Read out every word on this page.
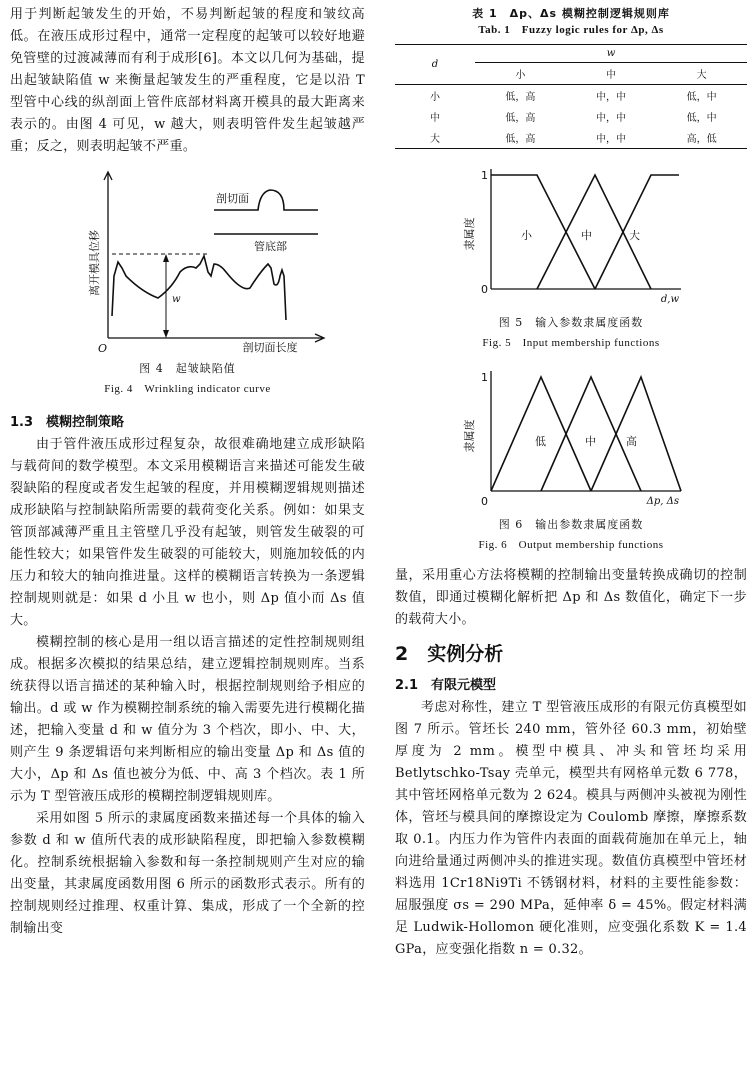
用于判断起皱发生的开始，不易判断起皱的程度和皱纹高低。在液压成形过程中，通常一定程度的起皱可以较好地避免管壁的过渡减薄而有利于成形[6]。本文以几何为基础，提出起皱缺陷值 w 来衡量起皱发生的严重程度，它是以沿 T 型管中心线的纵剖面上管件底部材料离开模具的最大距离来表示的。由图 4 可见，w 越大，则表明管件发生起皱越严重；反之，则表明起皱不严重。

离开模具位移
O	剖切面长度
w
剖切面
管底部
图 4　起皱缺陷值
Fig. 4　Wrinkling indicator curve
1.3　模糊控制策略

由于管件液压成形过程复杂，故很难确地建立成形缺陷与载荷间的数学模型。本文采用模糊语言来描述可能发生破裂缺陷的程度或者发生起皱的程度，并用模糊逻辑规则描述成形缺陷与控制缺陷所需要的载荷变化关系。例如：如果支管顶部减薄严重且主管壁几乎没有起皱，则管发生破裂的可能性较大；如果管件发生破裂的可能较大，则施加较低的内压力和较大的轴向推进量。这样的模糊语言转换为一条逻辑控制规则就是：如果 d 小且 w 也小，则 Δp 值小而 Δs 值大。

模糊控制的核心是用一组以语言描述的定性控制规则组成。根据多次模拟的结果总结，建立逻辑控制规则库。当系统获得以语言描述的某种输入时，根据控制规则给予相应的输出。d 或 w 作为模糊控制系统的输入需要先进行模糊化描述，把输入变量 d 和 w 值分为 3 个档次，即小、中、大，则产生 9 条逻辑语句来判断相应的输出变量 Δp 和 Δs 值的大小，Δp 和 Δs 值也被分为低、中、高 3 个档次。表 1 所示为 T 型管液压成形的模糊控制逻辑规则库。

采用如图 5 所示的隶属度函数来描述每一个具体的输入参数 d 和 w 值所代表的成形缺陷程度，即把输入参数模糊化。控制系统根据输入参数和每一条控制规则产生对应的输出变量，其隶属度函数用图 6 所示的函数形式表示。所有的控制规则经过推理、权重计算、集成，形成了一个全新的控制输出变

表 1　Δp、Δs 模糊控制逻辑规则库
Tab. 1　Fuzzy logic rules for Δp, Δs
d	w		
	小	中	大
小	低，高	中，中	低，中
中	低，高	中，中	低，中
大	低，高	中，中	高，低
1
0
隶属度
d,w
小	中	大
图 5　输入参数隶属度函数
Fig. 5　Input membership functions
1
0
隶属度
Δp, Δs
低	中	高
图 6　输出参数隶属度函数
Fig. 6　Output membership functions

量，采用重心方法将模糊的控制输出变量转换成确切的控制数值，即通过模糊化解析把 Δp 和 Δs 数值化，确定下一步的载荷大小。

2　实例分析
2.1　有限元模型

考虑对称性，建立 T 型管液压成形的有限元仿真模型如图 7 所示。管坯长 240 mm，管外径 60.3 mm，初始壁厚度为 2 mm。模型中模具、冲头和管坯均采用 Betlytschko-Tsay 壳单元，模型共有网格单元数 6 778，其中管坯网格单元数为 2 624。模具与两侧冲头被视为刚性体，管坯与模具间的摩擦设定为 Coulomb 摩擦，摩擦系数取 0.1。内压力作为管件内表面的面载荷施加在单元上，轴向进给量通过两侧冲头的推进实现。数值仿真模型中管坯材料选用 1Cr18Ni9Ti 不锈钢材料，材料的主要性能参数：屈服强度 σs = 290 MPa，延伸率 δ = 45%。假定材料满足 Ludwik-Hollomon 硬化准则，应变强化系数 K = 1.4 GPa，应变强化指数 n = 0.32。
